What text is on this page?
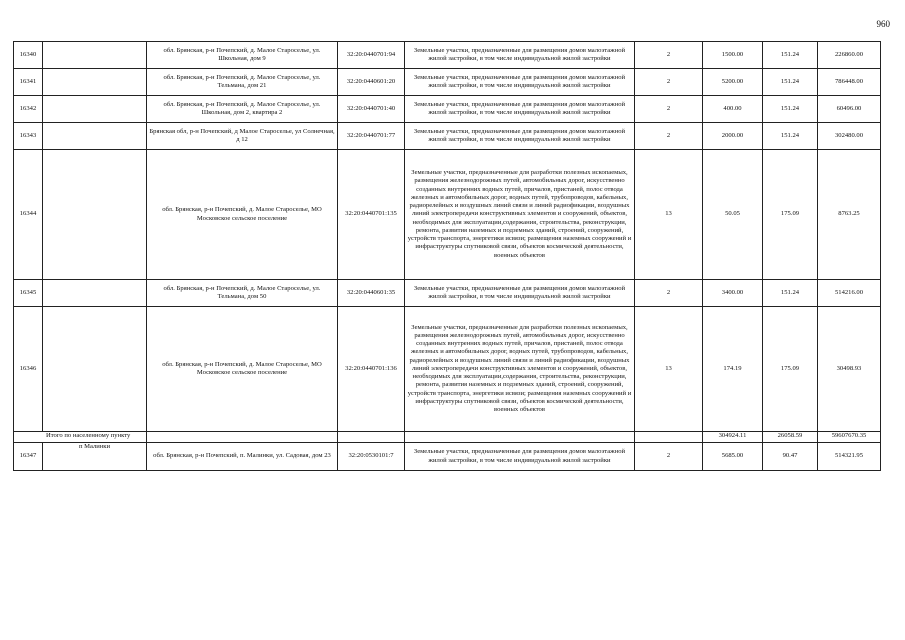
960
16340		обл. Брянская, р-н Почепский, д. Малое Староселье, ул. Школьная, дом 9	32:20:0440701:94	Земельные участки, предназначенные для размещения домов малоэтажной жилой застройки, в том числе индивидуальной жилой застройки	2	1500.00	151.24	226860.00
16341		обл. Брянская, р-н Почепский, д. Малое Староселье, ул. Тельмана, дом 21	32:20:0440601:20	Земельные участки, предназначенные для размещения домов малоэтажной жилой застройки, в том числе индивидуальной жилой застройки	2	5200.00	151.24	786448.00
16342		обл. Брянская, р-н Почепский, д. Малое Староселье, ул. Школьная, дом 2, квартира 2	32:20:0440701:40	Земельные участки, предназначенные для размещения домов малоэтажной жилой застройки, в том числе индивидуальной жилой застройки	2	400.00	151.24	60496.00
16343		Брянская обл, р-н Почепский, д Малое Староселье, ул Солнечная, д 12	32:20:0440701:77	Земельные участки, предназначенные для размещения домов малоэтажной жилой застройки, в том числе индивидуальной жилой застройки	2	2000.00	151.24	302480.00
16344		обл. Брянская, р-н Почепский, д. Малое Староселье, МО Московское сельское поселение	32:20:0440701:135	Земельные участки, предназначенные для разработки полезных ископаемых, размещения железнодорожных путей, автомобильных дорог, искусственно созданных внутренних водных путей, причалов, пристаней, полос отвода железных и автомобильных дорог, водных путей, трубопроводов, кабельных, радиорелейных и воздушных линий связи и линий радиофикации, воздушных линий электропередачи конструктивных элементов и сооружений, объектов, необходимых для эксплуатации,содержания, строительства, реконструкции, ремонта, развития наземных и подземных зданий, строений, сооружений, устройств транспорта, энергетики исвязи; размещения наземных сооружений и инфраструктуры спутниковой связи, объектов космической деятельности, военных объектов	13	50.05	175.09	8763.25
16345		обл. Брянская, р-н Почепский, д. Малое Староселье, ул. Тельмана, дом 50	32:20:0440601:35	Земельные участки, предназначенные для размещения домов малоэтажной жилой застройки, в том числе индивидуальной жилой застройки	2	3400.00	151.24	514216.00
16346		обл. Брянская, р-н Почепский, д. Малое Староселье, МО Московское сельское поселение	32:20:0440701:136	Земельные участки, предназначенные для разработки полезных ископаемых, размещения железнодорожных путей, автомобильных дорог, искусственно созданных внутренних водных путей, причалов, пристаней, полос отвода железных и автомобильных дорог, водных путей, трубопроводов, кабельных, радиорелейных и воздушных линий связи и линий радиофикации, воздушных линий электропередачи конструктивных элементов и сооружений, объектов, необходимых для эксплуатации,содержания, строительства, реконструкции, ремонта, развития наземных и подземных зданий, строений, сооружений, устройств транспорта, энергетики исвязи; размещения наземных сооружений и инфраструктуры спутниковой связи, объектов космической деятельности, военных объектов	13	174.19	175.09	30498.93
Итого по населенному пункту						304924.11	26058.59	59607670.35
16347	п Малинки	обл. Брянская, р-н Почепский, п. Малинки, ул. Садовая, дом 23	32:20:0530101:7	Земельные участки, предназначенные для размещения домов малоэтажной жилой застройки, в том числе индивидуальной жилой застройки	2	5685.00	90.47	514321.95
